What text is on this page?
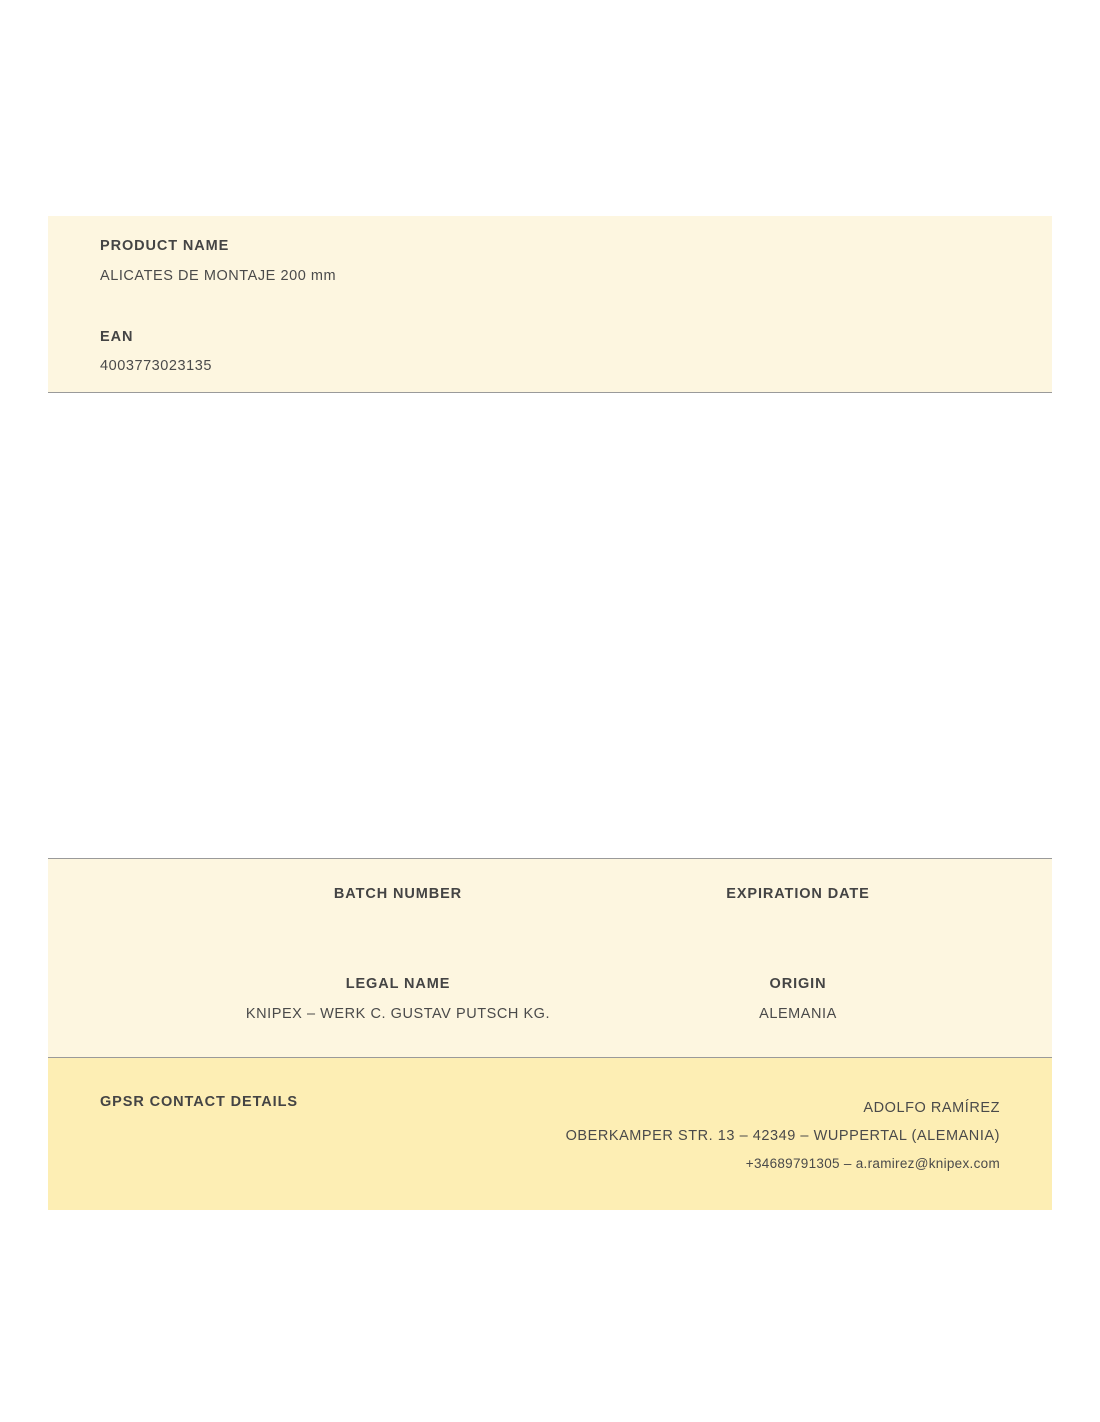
PRODUCT NAME
ALICATES DE MONTAJE 200 mm
EAN
4003773023135
BATCH NUMBER	EXPIRATION DATE
LEGAL NAME
KNIPEX – WERK C. GUSTAV PUTSCH KG.
ORIGIN
ALEMANIA
GPSR CONTACT DETAILS	ADOLFO RAMÍREZ
OBERKAMPER STR. 13 – 42349 – WUPPERTAL (ALEMANIA)
+34689791305 – a.ramirez@knipex.com
